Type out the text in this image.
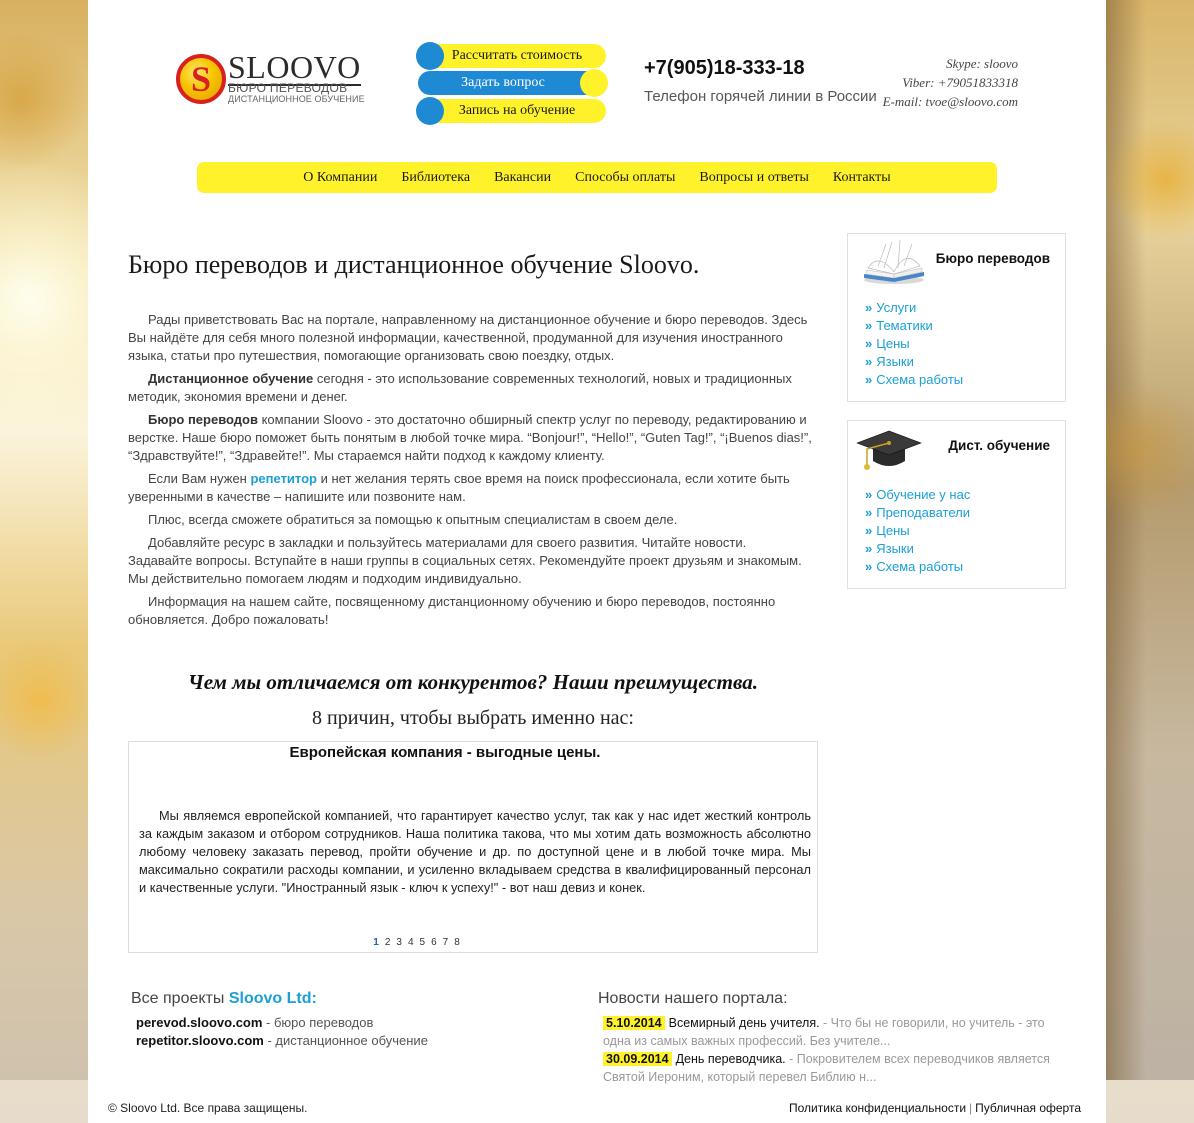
S SLOOVO
БЮРО ПЕРЕВОДОВ
ДИСТАНЦИОННОЕ ОБУЧЕНИЕ
Рассчитать стоимость
Задать вопрос
Запись на обучение
+7(905)18-333-18
Телефон горячей линии в России
Skype: sloovo
Viber: +79051833318
E-mail: tvoe@sloovo.com
О Компании Библиотека Вакансии Способы оплаты Вопросы и ответы Контакты
Бюро переводов и дистанционное обучение Sloovo.

Рады приветствовать Вас на портале, направленному на дистанционное обучение и бюро переводов. Здесь Вы найдёте для себя много полезной информации, качественной, продуманной для изучения иностранного языка, статьи про путешествия, помогающие организовать свою поездку, отдых.

Дистанционное обучение сегодня - это использование современных технологий, новых и традиционных методик, экономия времени и денег.

Бюро переводов компании Sloovo - это достаточно обширный спектр услуг по переводу, редактированию и верстке. Наше бюро поможет быть понятым в любой точке мира. “Bonjour!”, “Hello!”, “Guten Tag!”, “¡Buenos dias!”, “Здравствуйте!”, “Здравейте!”. Мы стараемся найти подход к каждому клиенту.

Если Вам нужен репетитор и нет желания терять свое время на поиск профессионала, если хотите быть уверенными в качестве – напишите или позвоните нам.

Плюс, всегда сможете обратиться за помощью к опытным специалистам в своем деле.

Добавляйте ресурс в закладки и пользуйтесь материалами для своего развития. Читайте новости. Задавайте вопросы. Вступайте в наши группы в социальных сетях. Рекомендуйте проект друзьям и знакомым. Мы действительно помогаем людям и подходим индивидуально.

Информация на нашем сайте, посвященному дистанционному обучению и бюро переводов, постоянно обновляется. Добро пожаловать!

Чем мы отличаемся от конкурентов? Наши преимущества.
8 причин, чтобы выбрать именно нас:
Европейская компания - выгодные цены.
Мы являемся европейской компанией, что гарантирует качество услуг, так как у нас идет жесткий контроль за каждым заказом и отбором сотрудников. Наша политика такова, что мы хотим дать возможность абсолютно любому человеку заказать перевод, пройти обучение и др. по доступной цене и в любой точке мира. Мы максимально сократили расходы компании, и усиленно вкладываем средства в квалифицированный персонал и качественные услуги. "Иностранный язык - ключ к успеху!" - вот наш девиз и конек.
1 2 3 4 5 6 7 8
Бюро переводов
» Услуги
» Тематики
» Цены
» Языки
» Схема работы
Дист. обучение
» Обучение у нас
» Преподаватели
» Цены
» Языки
» Схема работы
Все проекты Sloovo Ltd:
perevod.sloovo.com - бюро переводов
repetitor.sloovo.com - дистанционное обучение
Новости нашего портала:
5.10.2014 Всемирный день учителя. - Что бы не говорили, но учитель - это одна из самых важных профессий. Без учителе...
30.09.2014 День переводчика. - Покровителем всех переводчиков является Святой Иероним, который перевел Библию н...
© Sloovo Ltd. Все права защищены.	Политика конфиденциальности | Публичная оферта
